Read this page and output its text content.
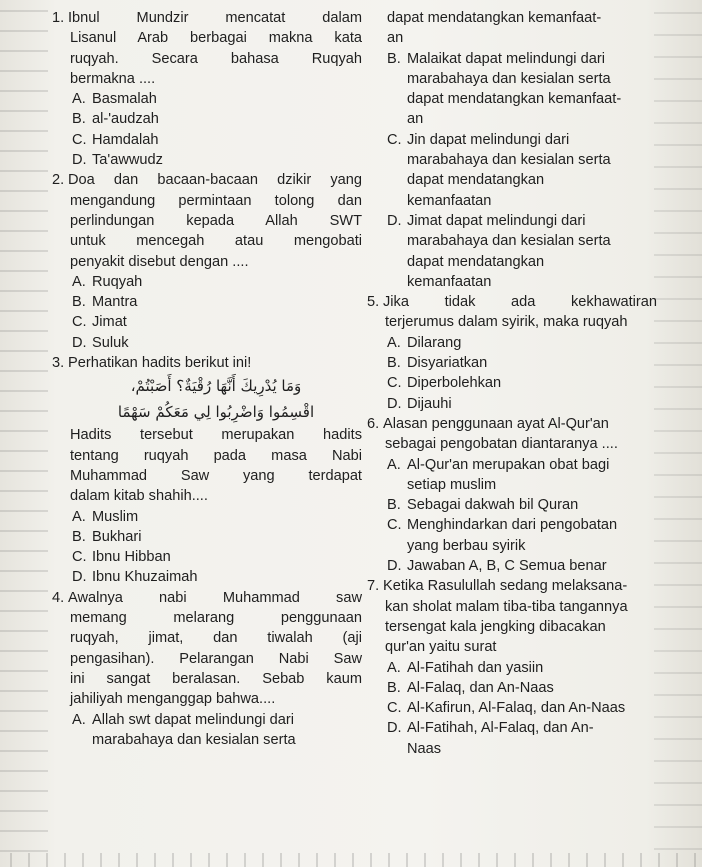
1. Ibnul Mundzir mencatat dalam
Lisanul Arab berbagai makna kata
ruqyah. Secara bahasa Ruqyah
bermakna ....
A. Basmalah
B. al-'audzah
C. Hamdalah
D. Ta'awwudz
2. Doa dan bacaan-bacaan dzikir yang
mengandung permintaan tolong dan
perlindungan kepada Allah SWT
untuk mencegah atau mengobati
penyakit disebut dengan ....
A. Ruqyah
B. Mantra
C. Jimat
D. Suluk
3. Perhatikan hadits berikut ini!
وَمَا يُدْرِيكَ أَنَّهَا رُقْيَةٌ؟ أَصَبْتُمْ،
اقْسِمُوا وَاضْرِبُوا لِي مَعَكُمْ سَهْمًا
Hadits tersebut merupakan hadits
tentang ruqyah pada masa Nabi
Muhammad Saw yang terdapat
dalam kitab shahih....
A. Muslim
B. Bukhari
C. Ibnu Hibban
D. Ibnu Khuzaimah
4. Awalnya nabi Muhammad saw
memang melarang penggunaan
ruqyah, jimat, dan tiwalah (aji
pengasihan). Pelarangan Nabi Saw
ini sangat beralasan. Sebab kaum
jahiliyah menganggap bahwa....
A. Allah swt dapat melindungi dari
marabahaya dan kesialan serta
dapat mendatangkan kemanfaat-
an
B. Malaikat dapat melindungi dari
marabahaya dan kesialan serta
dapat mendatangkan kemanfaat-
an
C. Jin dapat melindungi dari
marabahaya dan kesialan serta
dapat mendatangkan
kemanfaatan
D. Jimat dapat melindungi dari
marabahaya dan kesialan serta
dapat mendatangkan
kemanfaatan
5. Jika tidak ada kekhawatiran
terjerumus dalam syirik, maka ruqyah
A. Dilarang
B. Disyariatkan
C. Diperbolehkan
D. Dijauhi
6. Alasan penggunaan ayat Al-Qur'an
sebagai pengobatan diantaranya ....
A. Al-Qur'an merupakan obat bagi
setiap muslim
B. Sebagai dakwah bil Quran
C. Menghindarkan dari pengobatan
yang berbau syirik
D. Jawaban A, B, C Semua benar
7. Ketika Rasulullah sedang melaksana-
kan sholat malam tiba-tiba tangannya
tersengat kala jengking dibacakan
qur'an yaitu surat
A. Al-Fatihah dan yasiin
B. Al-Falaq, dan An-Naas
C. Al-Kafirun, Al-Falaq, dan An-Naas
D. Al-Fatihah, Al-Falaq, dan An-
Naas
